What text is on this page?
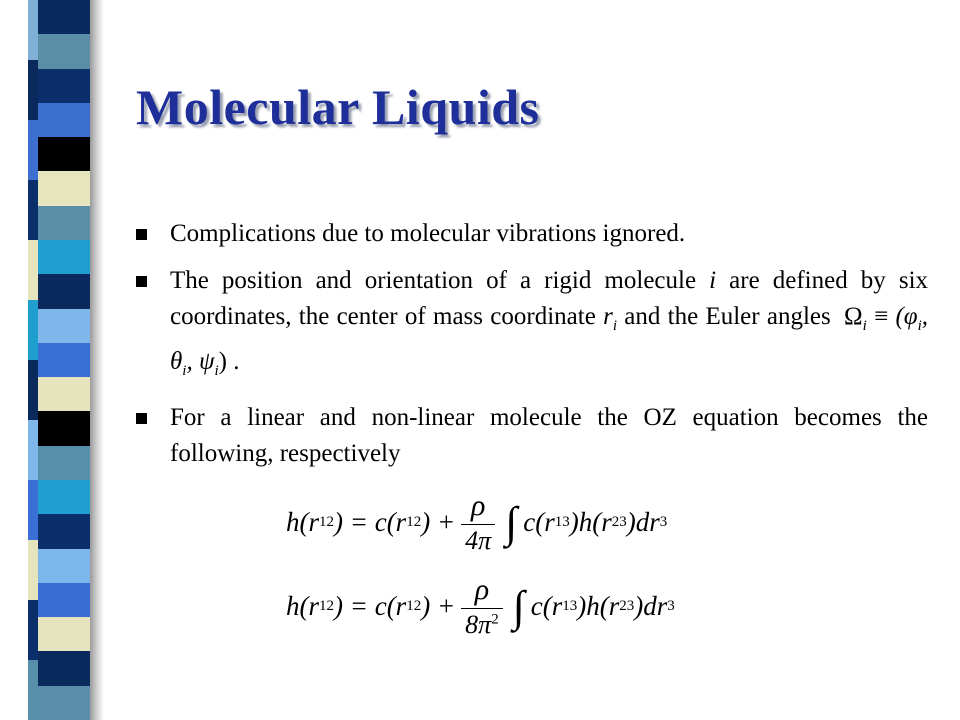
Molecular Liquids
Complications due to molecular vibrations ignored.
The position and orientation of a rigid molecule i are defined by six coordinates, the center of mass coordinate $r_i$ and the Euler angles $\Omega_i \equiv (\varphi_i$, $\theta_i$, $\psi_i$) .
For a linear and non-linear molecule the OZ equation becomes the following, respectively
h(r 12 ) = c(r 12 ) + $\frac{\rho}{4\pi}$ ∫ c(r 13 )h(r 23 )dr 3
h(r 12 ) = c(r 12 ) + $\frac{\rho}{8\pi^2}$ ∫ c(r 13 )h(r 23 )dr 3
